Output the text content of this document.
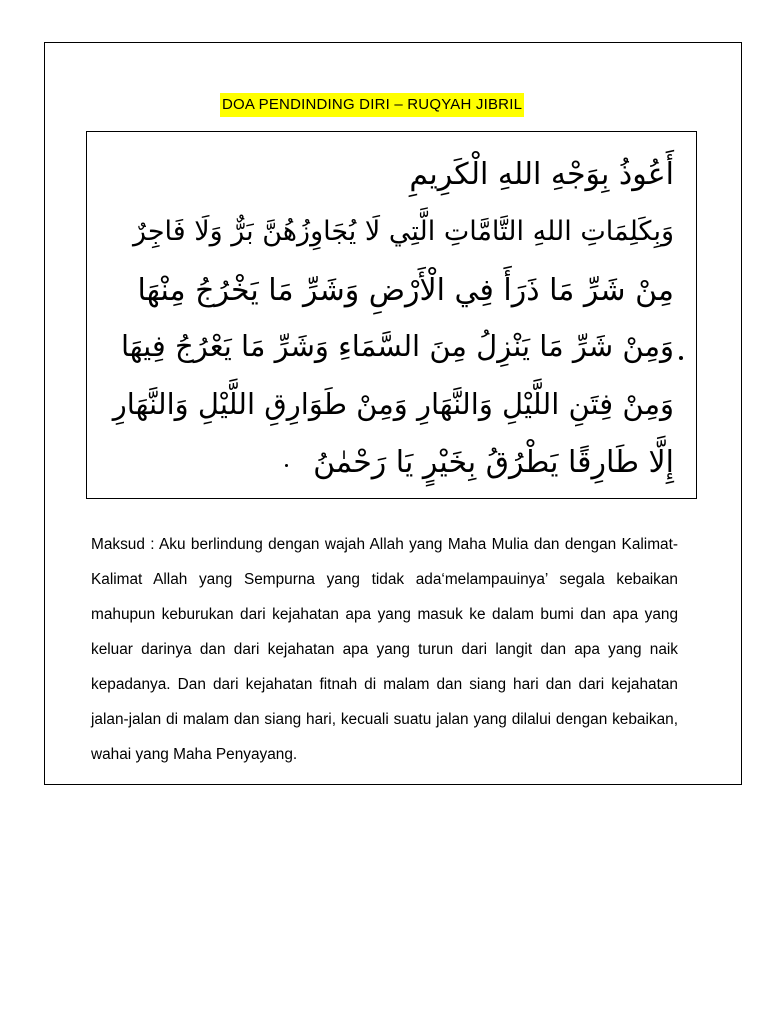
DOA PENDINDING DIRI – RUQYAH JIBRIL
أَعُوذُ بِوَجْهِ اللهِ الْكَرِيمِ
وَبِكَلِمَاتِ اللهِ التَّامَّاتِ الَّتِي لَا يُجَاوِزُهُنَّ بَرٌّ وَلَا فَاجِرٌ
مِنْ شَرِّ مَا ذَرَأَ فِي الْأَرْضِ وَشَرِّ مَا يَخْرُجُ مِنْهَا
وَمِنْ شَرِّ مَا يَنْزِلُ مِنَ السَّمَاءِ وَشَرِّ مَا يَعْرُجُ فِيهَا
وَمِنْ فِتَنِ اللَّيْلِ وَالنَّهَارِ وَمِنْ طَوَارِقِ اللَّيْلِ وَالنَّهَارِ
إِلَّا طَارِقًا يَطْرُقُ بِخَيْرٍ يَا رَحْمٰنُ
Maksud : Aku berlindung dengan wajah Allah yang Maha Mulia dan dengan Kalimat-Kalimat Allah yang Sempurna yang tidak ada‘melampauinya’ segala kebaikan mahupun keburukan dari kejahatan apa yang masuk ke dalam bumi dan apa yang keluar darinya dan dari kejahatan apa yang turun dari langit dan apa yang naik kepadanya. Dan dari kejahatan fitnah di malam dan siang hari dan dari kejahatan jalan-jalan di malam dan siang hari, kecuali suatu jalan yang dilalui dengan kebaikan, wahai yang Maha Penyayang.
